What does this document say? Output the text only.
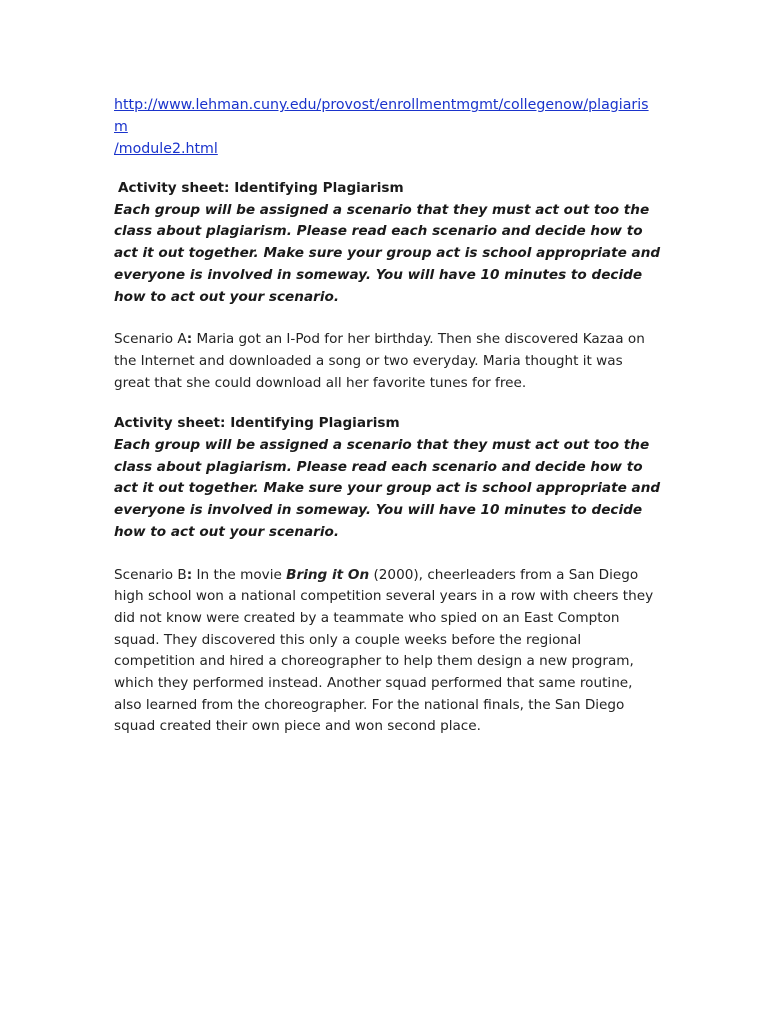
http://www.lehman.cuny.edu/provost/enrollmentmgmt/collegenow/plagiarism
/module2.html

Activity sheet: Identifying Plagiarism

Each group will be assigned a scenario that they must act out too the class about plagiarism. Please read each scenario and decide how to act it out together. Make sure your group act is school appropriate and everyone is involved in someway. You will have 10 minutes to decide how to act out your scenario.

Scenario A: Maria got an I-Pod for her birthday. Then she discovered Kazaa on the Internet and downloaded a song or two everyday. Maria thought it was great that she could download all her favorite tunes for free.

Activity sheet: Identifying Plagiarism

Each group will be assigned a scenario that they must act out too the class about plagiarism. Please read each scenario and decide how to act it out together. Make sure your group act is school appropriate and everyone is involved in someway. You will have 10 minutes to decide how to act out your scenario.

Scenario B: In the movie Bring it On (2000), cheerleaders from a San Diego high school won a national competition several years in a row with cheers they did not know were created by a teammate who spied on an East Compton squad. They discovered this only a couple weeks before the regional competition and hired a choreographer to help them design a new program, which they performed instead. Another squad performed that same routine, also learned from the choreographer. For the national finals, the San Diego squad created their own piece and won second place.
